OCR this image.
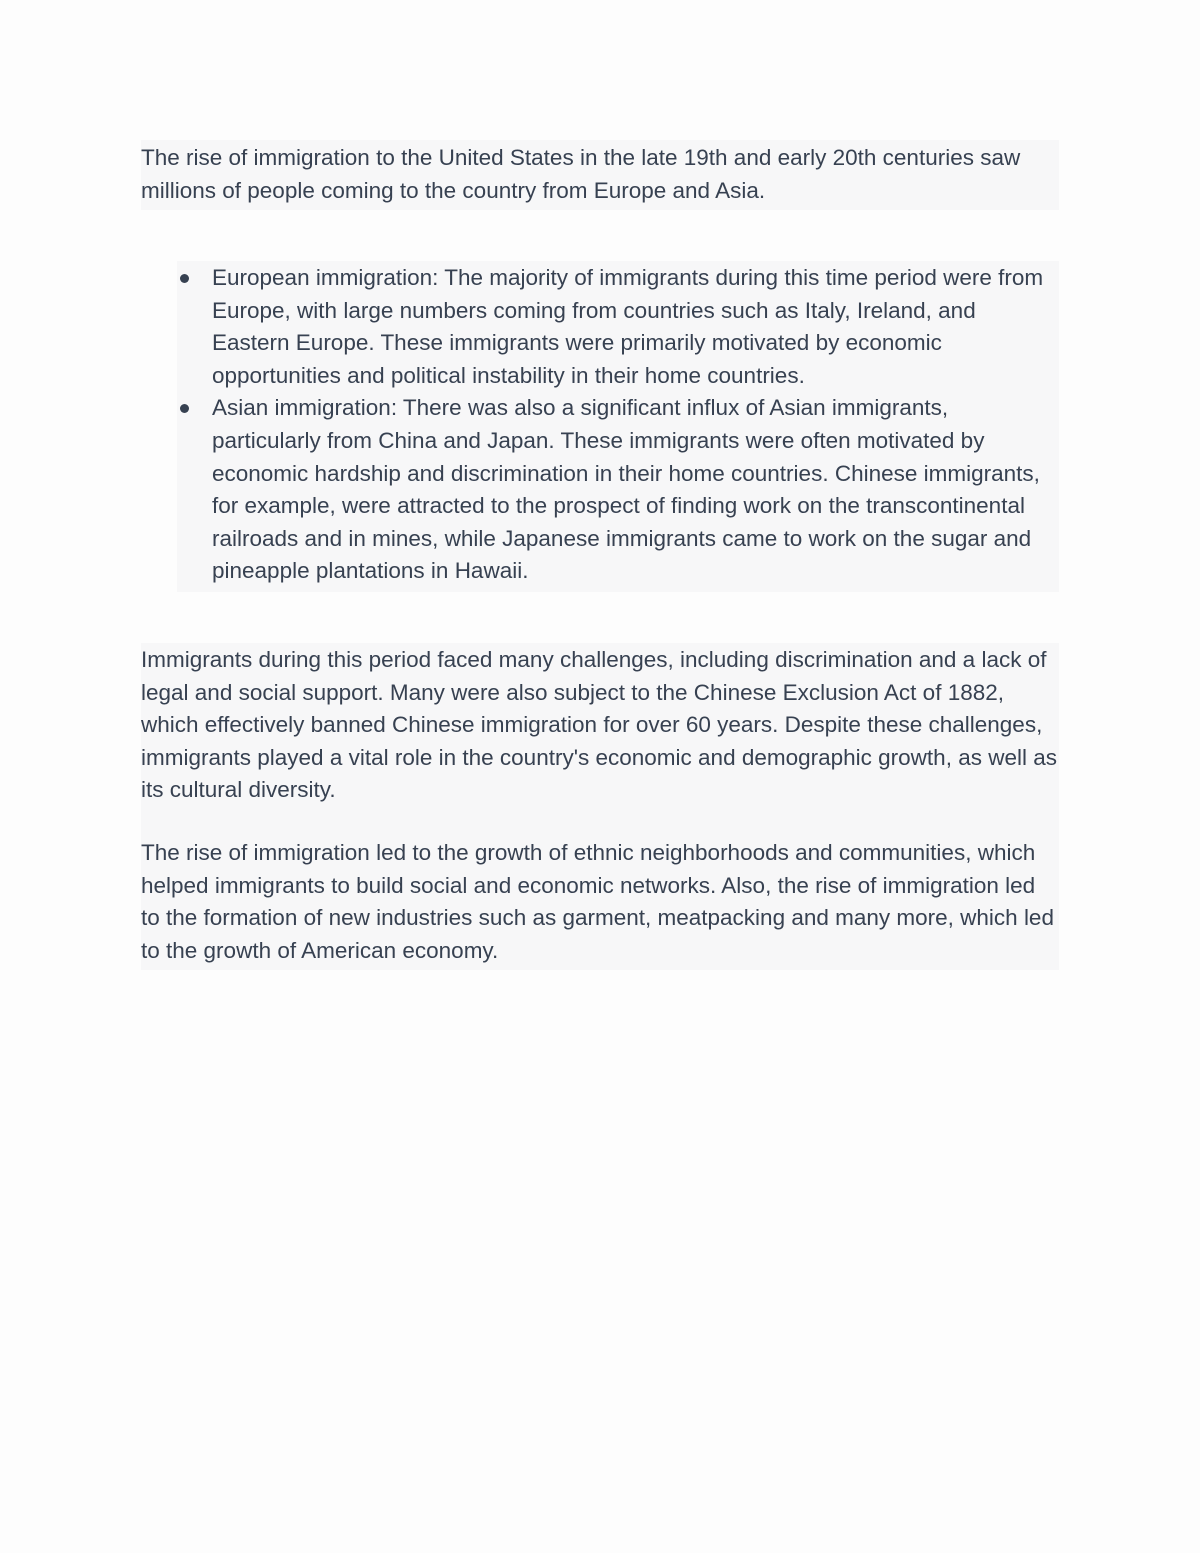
The rise of immigration to the United States in the late 19th and early 20th centuries saw millions of people coming to the country from Europe and Asia.

European immigration: The majority of immigrants during this time period were from Europe, with large numbers coming from countries such as Italy, Ireland, and Eastern Europe. These immigrants were primarily motivated by economic opportunities and political instability in their home countries.
Asian immigration: There was also a significant influx of Asian immigrants, particularly from China and Japan. These immigrants were often motivated by economic hardship and discrimination in their home countries. Chinese immigrants, for example, were attracted to the prospect of finding work on the transcontinental railroads and in mines, while Japanese immigrants came to work on the sugar and pineapple plantations in Hawaii.

Immigrants during this period faced many challenges, including discrimination and a lack of legal and social support. Many were also subject to the Chinese Exclusion Act of 1882, which effectively banned Chinese immigration for over 60 years. Despite these challenges, immigrants played a vital role in the country's economic and demographic growth, as well as its cultural diversity.

The rise of immigration led to the growth of ethnic neighborhoods and communities, which helped immigrants to build social and economic networks. Also, the rise of immigration led to the formation of new industries such as garment, meatpacking and many more, which led to the growth of American economy.
